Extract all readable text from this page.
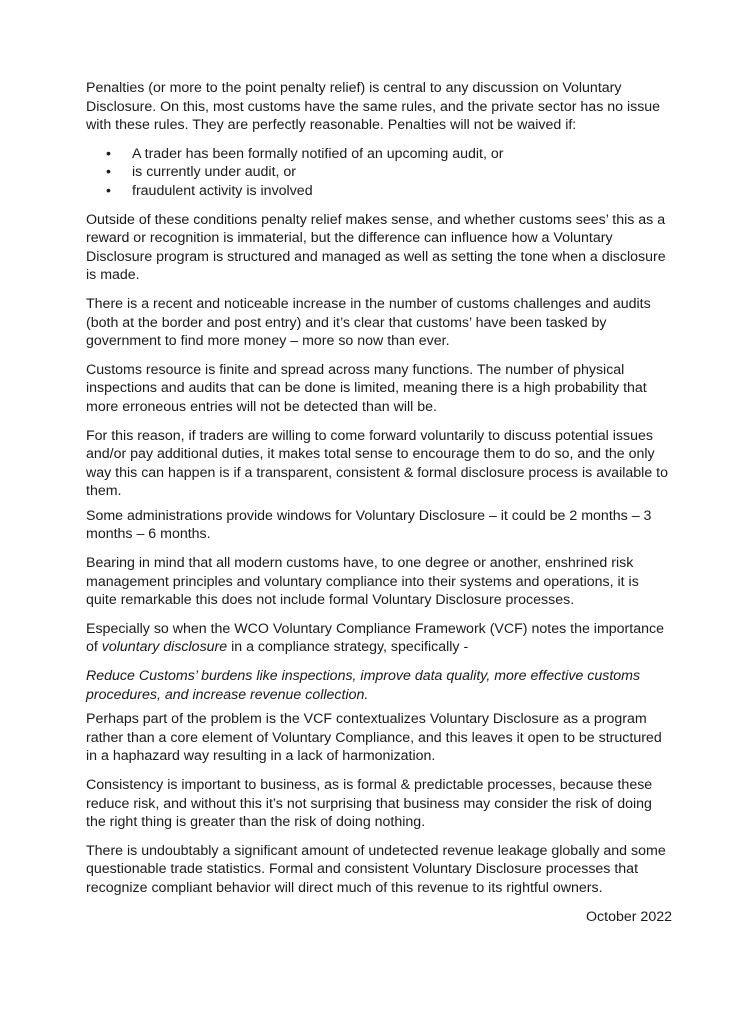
Penalties (or more to the point penalty relief) is central to any discussion on Voluntary Disclosure. On this, most customs have the same rules, and the private sector has no issue with these rules. They are perfectly reasonable. Penalties will not be waived if:

• A trader has been formally notified of an upcoming audit, or
• is currently under audit, or
• fraudulent activity is involved

Outside of these conditions penalty relief makes sense, and whether customs sees’ this as a reward or recognition is immaterial, but the difference can influence how a Voluntary Disclosure program is structured and managed as well as setting the tone when a disclosure is made.

There is a recent and noticeable increase in the number of customs challenges and audits (both at the border and post entry) and it’s clear that customs’ have been tasked by government to find more money – more so now than ever.

Customs resource is finite and spread across many functions. The number of physical inspections and audits that can be done is limited, meaning there is a high probability that more erroneous entries will not be detected than will be.

For this reason, if traders are willing to come forward voluntarily to discuss potential issues and/or pay additional duties, it makes total sense to encourage them to do so, and the only way this can happen is if a transparent, consistent & formal disclosure process is available to them.

Some administrations provide windows for Voluntary Disclosure – it could be 2 months – 3 months – 6 months.

Bearing in mind that all modern customs have, to one degree or another, enshrined risk management principles and voluntary compliance into their systems and operations, it is quite remarkable this does not include formal Voluntary Disclosure processes.

Especially so when the WCO Voluntary Compliance Framework (VCF) notes the importance of voluntary disclosure in a compliance strategy, specifically -

Reduce Customs’ burdens like inspections, improve data quality, more effective customs procedures, and increase revenue collection.

Perhaps part of the problem is the VCF contextualizes Voluntary Disclosure as a program rather than a core element of Voluntary Compliance, and this leaves it open to be structured in a haphazard way resulting in a lack of harmonization.

Consistency is important to business, as is formal & predictable processes, because these reduce risk, and without this it’s not surprising that business may consider the risk of doing the right thing is greater than the risk of doing nothing.

There is undoubtably a significant amount of undetected revenue leakage globally and some questionable trade statistics. Formal and consistent Voluntary Disclosure processes that recognize compliant behavior will direct much of this revenue to its rightful owners.

October 2022
